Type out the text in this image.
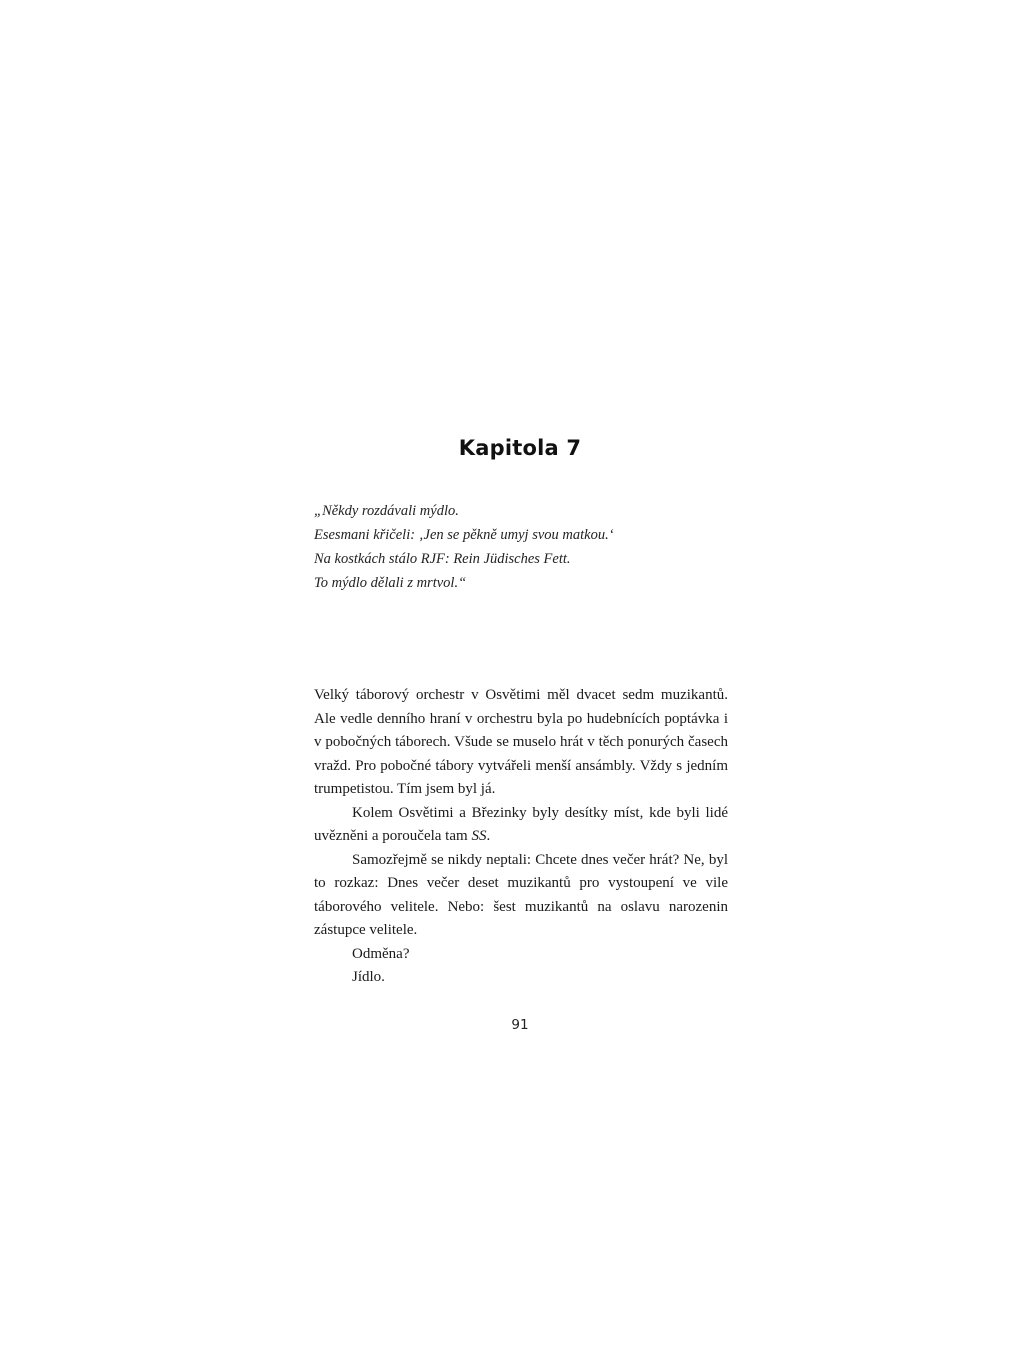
Kapitola 7
„Někdy rozdávali mýdlo.
Esesmani křičeli: ‚Jen se pěkně umyj svou matkou.‘
Na kostkách stálo RJF: Rein Jüdisches Fett.
To mýdlo dělali z mrtvol.“

Velký táborový orchestr v Osvětimi měl dvacet sedm muzikantů. Ale vedle denního hraní v orchestru byla po hudebnících poptávka i v pobočných táborech. Všude se muselo hrát v těch ponurých časech vražd. Pro pobočné tábory vytvářeli menší ansámbly. Vždy s jedním trumpetistou. Tím jsem byl já.

Kolem Osvětimi a Březinky byly desítky míst, kde byli lidé uvězněni a poroučela tam SS.

Samozřejmě se nikdy neptali: Chcete dnes večer hrát? Ne, byl to rozkaz: Dnes večer deset muzikantů pro vystoupení ve vile táborového velitele. Nebo: šest muzikantů na oslavu narozenin zástupce velitele.

Odměna?

Jídlo.

91
